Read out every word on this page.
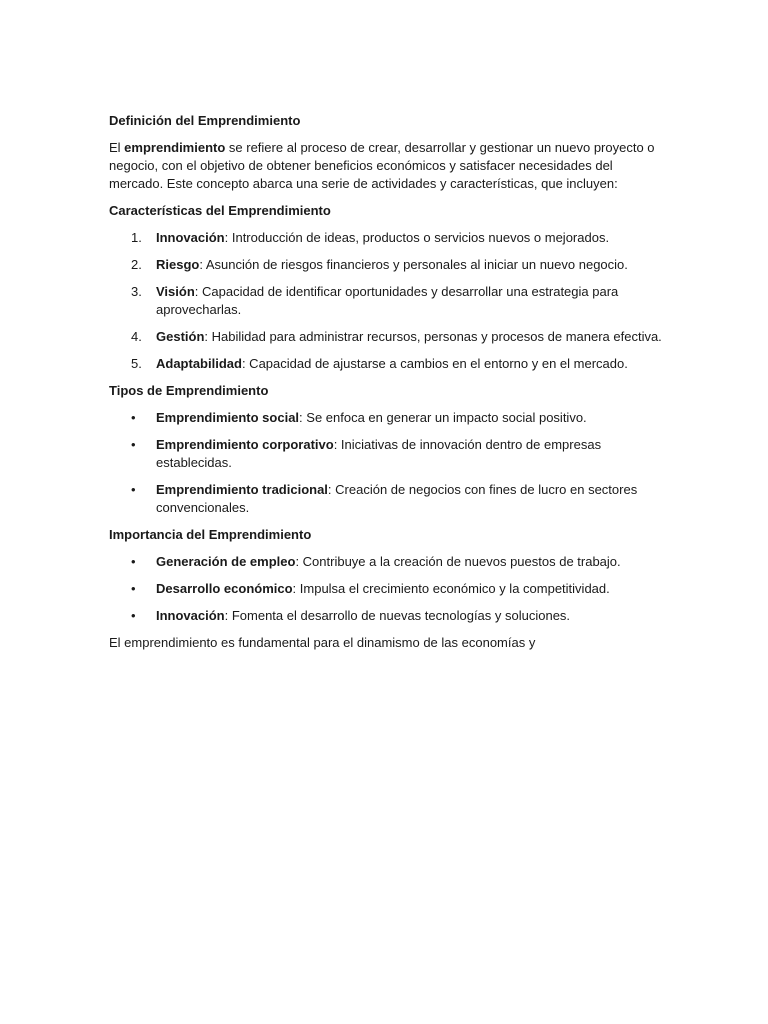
Definición del Emprendimiento

El emprendimiento se refiere al proceso de crear, desarrollar y gestionar un nuevo proyecto o negocio, con el objetivo de obtener beneficios económicos y satisfacer necesidades del mercado. Este concepto abarca una serie de actividades y características, que incluyen:

Características del Emprendimiento

1. Innovación: Introducción de ideas, productos o servicios nuevos o mejorados.
2. Riesgo: Asunción de riesgos financieros y personales al iniciar un nuevo negocio.
3. Visión: Capacidad de identificar oportunidades y desarrollar una estrategia para aprovecharlas.
4. Gestión: Habilidad para administrar recursos, personas y procesos de manera efectiva.
5. Adaptabilidad: Capacidad de ajustarse a cambios en el entorno y en el mercado.

Tipos de Emprendimiento

• Emprendimiento social: Se enfoca en generar un impacto social positivo.
• Emprendimiento corporativo: Iniciativas de innovación dentro de empresas establecidas.
• Emprendimiento tradicional: Creación de negocios con fines de lucro en sectores convencionales.

Importancia del Emprendimiento

• Generación de empleo: Contribuye a la creación de nuevos puestos de trabajo.
• Desarrollo económico: Impulsa el crecimiento económico y la competitividad.
• Innovación: Fomenta el desarrollo de nuevas tecnologías y soluciones.

El emprendimiento es fundamental para el dinamismo de las economías y
